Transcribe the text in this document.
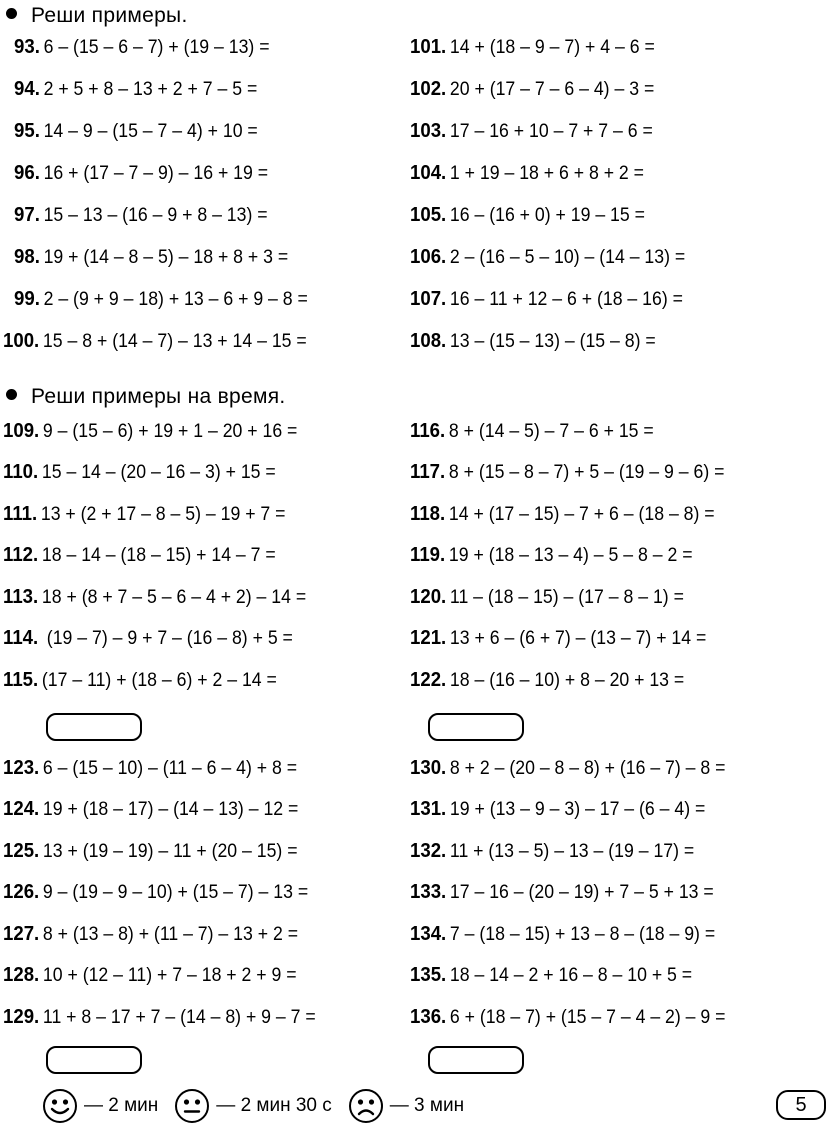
Реши примеры.
Реши примеры на время.
93. 6 – (15 – 6 – 7) + (19 – 13) =
94. 2 + 5 + 8 – 13 + 2 + 7 – 5 =
95. 14 – 9 – (15 – 7 – 4) + 10 =
96. 16 + (17 – 7 – 9) – 16 + 19 =
97. 15 – 13 – (16 – 9 + 8 – 13) =
98. 19 + (14 – 8 – 5) – 18 + 8 + 3 =
99. 2 – (9 + 9 – 18) + 13 – 6 + 9 – 8 =
100. 15 – 8 + (14 – 7) – 13 + 14 – 15 =
101. 14 + (18 – 9 – 7) + 4 – 6 =
102. 20 + (17 – 7 – 6 – 4) – 3 =
103. 17 – 16 + 10 – 7 + 7 – 6 =
104. 1 + 19 – 18 + 6 + 8 + 2 =
105. 16 – (16 + 0) + 19 – 15 =
106. 2 – (16 – 5 – 10) – (14 – 13) =
107. 16 – 11 + 12 – 6 + (18 – 16) =
108. 13 – (15 – 13) – (15 – 8) =
109. 9 – (15 – 6) + 19 + 1 – 20 + 16 =
110. 15 – 14 – (20 – 16 – 3) + 15 =
111. 13 + (2 + 17 – 8 – 5) – 19 + 7 =
112. 18 – 14 – (18 – 15) + 14 – 7 =
113. 18 + (8 + 7 – 5 – 6 – 4 + 2) – 14 =
114. (19 – 7) – 9 + 7 – (16 – 8) + 5 =
115. (17 – 11) + (18 – 6) + 2 – 14 =
116. 8 + (14 – 5) – 7 – 6 + 15 =
117. 8 + (15 – 8 – 7) + 5 – (19 – 9 – 6) =
118. 14 + (17 – 15) – 7 + 6 – (18 – 8) =
119. 19 + (18 – 13 – 4) – 5 – 8 – 2 =
120. 11 – (18 – 15) – (17 – 8 – 1) =
121. 13 + 6 – (6 + 7) – (13 – 7) + 14 =
122. 18 – (16 – 10) + 8 – 20 + 13 =
123. 6 – (15 – 10) – (11 – 6 – 4) + 8 =
124. 19 + (18 – 17) – (14 – 13) – 12 =
125. 13 + (19 – 19) – 11 + (20 – 15) =
126. 9 – (19 – 9 – 10) + (15 – 7) – 13 =
127. 8 + (13 – 8) + (11 – 7) – 13 + 2 =
128. 10 + (12 – 11) + 7 – 18 + 2 + 9 =
129. 11 + 8 – 17 + 7 – (14 – 8) + 9 – 7 =
130. 8 + 2 – (20 – 8 – 8) + (16 – 7) – 8 =
131. 19 + (13 – 9 – 3) – 17 – (6 – 4) =
132. 11 + (13 – 5) – 13 – (19 – 17) =
133. 17 – 16 – (20 – 19) + 7 – 5 + 13 =
134. 7 – (18 – 15) + 13 – 8 – (18 – 9) =
135. 18 – 14 – 2 + 16 – 8 – 10 + 5 =
136. 6 + (18 – 7) + (15 – 7 – 4 – 2) – 9 =
— 2 мин	— 2 мин 30 с	— 3 мин	5
